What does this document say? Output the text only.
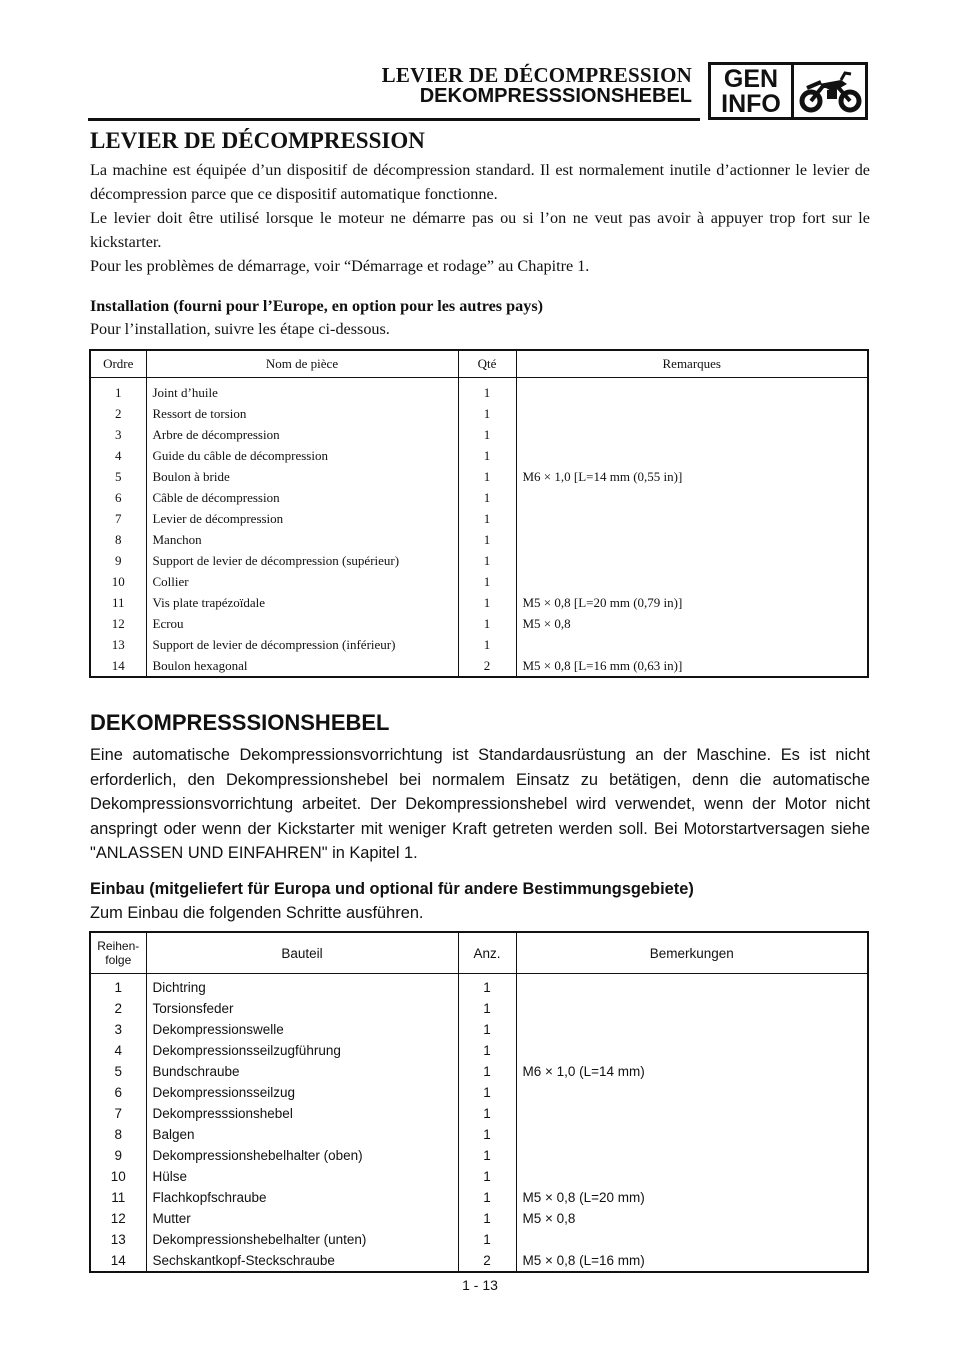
LEVIER DE DÉCOMPRESSION
DEKOMPRESSSIONSHEBEL
GEN
INFO
LEVIER DE DÉCOMPRESSION

La machine est équipée d’un dispositif de décompression standard. Il est normalement inutile d’actionner le levier de décompression parce que ce dispositif automatique fonctionne.

Le levier doit être utilisé lorsque le moteur ne démarre pas ou si l’on ne veut pas avoir à appuyer trop fort sur le kickstarter.

Pour les problèmes de démarrage, voir “Démarrage et rodage” au Chapitre 1.

Installation (fourni pour l’Europe, en option pour les autres pays)

Pour l’installation, suivre les étape ci-dessous.

Ordre	Nom de pièce	Qté	Remarques
1	Joint d’huile	1	
2	Ressort de torsion	1	
3	Arbre de décompression	1	
4	Guide du câble de décompression	1	
5	Boulon à bride	1	M6 × 1,0 [L=14 mm (0,55 in)]
6	Câble de décompression	1	
7	Levier de décompression	1	
8	Manchon	1	
9	Support de levier de décompression (supérieur)	1	
10	Collier	1	
11	Vis plate trapézoïdale	1	M5 × 0,8 [L=20 mm (0,79 in)]
12	Ecrou	1	M5 × 0,8
13	Support de levier de décompression (inférieur)	1	
14	Boulon hexagonal	2	M5 × 0,8 [L=16 mm (0,63 in)]
DEKOMPRESSSIONSHEBEL

Eine automatische Dekompressionsvorrichtung ist Standardausrüstung an der Maschine. Es ist nicht erforderlich, den Dekompressionshebel bei normalem Einsatz zu betätigen, denn die automatische Dekompressionsvorrichtung arbeitet. Der Dekompressionshebel wird verwendet, wenn der Motor nicht anspringt oder wenn der Kickstarter mit weniger Kraft getreten werden soll. Bei Motorstartversagen siehe "ANLASSEN UND EINFAHREN" in Kapitel 1.

Einbau (mitgeliefert für Europa und optional für andere Bestimmungsgebiete)

Zum Einbau die folgenden Schritte ausführen.

Reihen-
folge	Bauteil	Anz.	Bemerkungen
1	Dichtring	1	
2	Torsionsfeder	1	
3	Dekompressionswelle	1	
4	Dekompressionsseilzugführung	1	
5	Bundschraube	1	M6 × 1,0 (L=14 mm)
6	Dekompressionsseilzug	1	
7	Dekompresssionshebel	1	
8	Balgen	1	
9	Dekompressionshebelhalter (oben)	1	
10	Hülse	1	
11	Flachkopfschraube	1	M5 × 0,8 (L=20 mm)
12	Mutter	1	M5 × 0,8
13	Dekompressionshebelhalter (unten)	1	
14	Sechskantkopf-Steckschraube	2	M5 × 0,8 (L=16 mm)
1 - 13
